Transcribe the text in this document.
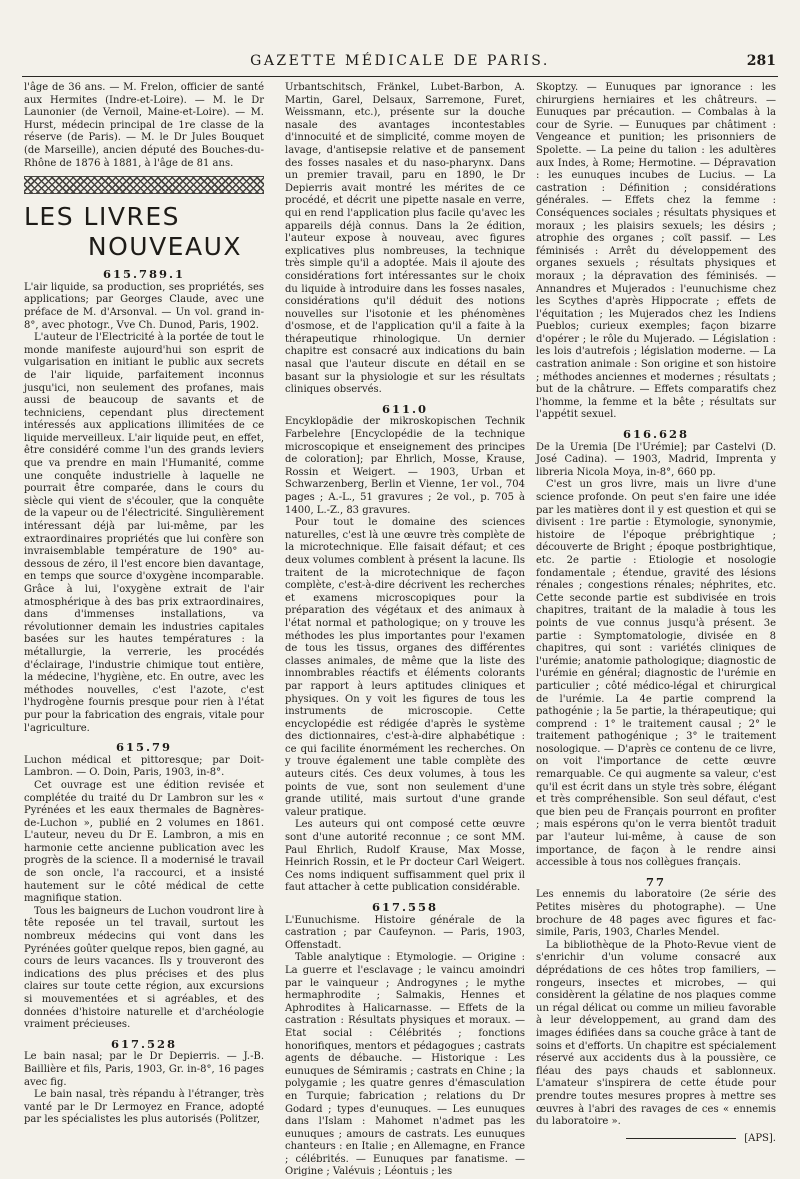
GAZETTE MÉDICALE DE PARIS.	281

l'âge de 36 ans. — M. Frelon, officier de santé aux Hermites (Indre-et-Loire). — M. le Dr Launonier (de Vernoil, Maine-et-Loire). — M. Hurst, médecin principal de 1re classe de la réserve (de Paris). — M. le Dr Jules Bouquet (de Marseille), ancien député des Bouches-du-Rhône de 1876 à 1881, à l'âge de 81 ans.

LES LIVRES
NOUVEAUX
615.789.1

L'air liquide, sa production, ses propriétés, ses applications; par Georges Claude, avec une préface de M. d'Arsonval. — Un vol. grand in-8°, avec photogr., Vve Ch. Dunod, Paris, 1902.

L'auteur de l'Electricité à la portée de tout le monde manifeste aujourd'hui son esprit de vulgarisation en initiant le public aux secrets de l'air liquide, parfaitement inconnus jusqu'ici, non seulement des profanes, mais aussi de beaucoup de savants et de techniciens, cependant plus directement intéressés aux applications illimitées de ce liquide merveilleux. L'air liquide peut, en effet, être considéré comme l'un des grands leviers que va prendre en main l'Humanité, comme une conquête industrielle à laquelle ne pourrait être comparée, dans le cours du siècle qui vient de s'écouler, que la conquête de la vapeur ou de l'électricité. Singulièrement intéressant déjà par lui-même, par les extraordinaires propriétés que lui confère son invraisemblable température de 190° au-dessous de zéro, il l'est encore bien davantage, en temps que source d'oxygène incomparable. Grâce à lui, l'oxygène extrait de l'air atmosphérique à des bas prix extraordinaires, dans d'immenses installations, va révolutionner demain les industries capitales basées sur les hautes températures : la métallurgie, la verrerie, les procédés d'éclairage, l'industrie chimique tout entière, la médecine, l'hygiène, etc. En outre, avec les méthodes nouvelles, c'est l'azote, c'est l'hydrogène fournis presque pour rien à l'état pur pour la fabrication des engrais, vitale pour l'agriculture.

615.79

Luchon médical et pittoresque; par Doit-Lambron. — O. Doin, Paris, 1903, in-8°.

Cet ouvrage est une édition revisée et complétée du traité du Dr Lambron sur les « Pyrénées et les eaux thermales de Bagnères-de-Luchon », publié en 2 volumes en 1861. L'auteur, neveu du Dr E. Lambron, a mis en harmonie cette ancienne publication avec les progrès de la science. Il a modernisé le travail de son oncle, l'a raccourci, et a insisté hautement sur le côté médical de cette magnifique station.

Tous les baigneurs de Luchon voudront lire à tête reposée un tel travail, surtout les nombreux médecins qui vont dans les Pyrénées goûter quelque repos, bien gagné, au cours de leurs vacances. Ils y trouveront des indications des plus précises et des plus claires sur toute cette région, aux excursions si mouvementées et si agréables, et des données d'histoire naturelle et d'archéologie vraiment précieuses.

617.528

Le bain nasal; par le Dr Depierris. — J.-B. Baillière et fils, Paris, 1903, Gr. in-8°, 16 pages avec fig.

Le bain nasal, très répandu à l'étranger, très vanté par le Dr Lermoyez en France, adopté par les spécialistes les plus autorisés (Politzer,

Urbantschitsch, Fränkel, Lubet-Barbon, A. Martin, Garel, Delsaux, Sarremone, Furet, Weissmann, etc.), présente sur la douche nasale des avantages incontestables d'innocuité et de simplicité, comme moyen de lavage, d'antisepsie relative et de pansement des fosses nasales et du naso-pharynx. Dans un premier travail, paru en 1890, le Dr Depierris avait montré les mérites de ce procédé, et décrit une pipette nasale en verre, qui en rend l'application plus facile qu'avec les appareils déjà connus. Dans la 2e édition, l'auteur expose à nouveau, avec figures explicatives plus nombreuses, la technique très simple qu'il a adoptée. Mais il ajoute des considérations fort intéressantes sur le choix du liquide à introduire dans les fosses nasales, considérations qu'il déduit des notions nouvelles sur l'isotonie et les phénomènes d'osmose, et de l'application qu'il a faite à la thérapeutique rhinologique. Un dernier chapitre est consacré aux indications du bain nasal que l'auteur discute en détail en se basant sur la physiologie et sur les résultats cliniques observés.

611.0

Encyklopädie der mikroskopischen Technik Farbelehre [Encyclopédie de la technique microscopique et enseignement des principes de coloration]; par Ehrlich, Mosse, Krause, Rossin et Weigert. — 1903, Urban et Schwarzenberg, Berlin et Vienne, 1er vol., 704 pages ; A.-L., 51 gravures ; 2e vol., p. 705 à 1400, L.-Z., 83 gravures.

Pour tout le domaine des sciences naturelles, c'est là une œuvre très complète de la microtechnique. Elle faisait défaut; et ces deux volumes comblent à présent la lacune. Ils traitent de la microtechnique de façon complète, c'est-à-dire décrivent les recherches et examens microscopiques pour la préparation des végétaux et des animaux à l'état normal et pathologique; on y trouve les méthodes les plus importantes pour l'examen de tous les tissus, organes des différentes classes animales, de même que la liste des innombrables réactifs et éléments colorants par rapport à leurs aptitudes cliniques et physiques. On y voit les figures de tous les instruments de microscopie. Cette encyclopédie est rédigée d'après le système des dictionnaires, c'est-à-dire alphabétique : ce qui facilite énormément les recherches. On y trouve également une table complète des auteurs cités. Ces deux volumes, à tous les points de vue, sont non seulement d'une grande utilité, mais surtout d'une grande valeur pratique.

Les auteurs qui ont composé cette œuvre sont d'une autorité reconnue ; ce sont MM. Paul Ehrlich, Rudolf Krause, Max Mosse, Heinrich Rossin, et le Pr docteur Carl Weigert. Ces noms indiquent suffisamment quel prix il faut attacher à cette publication considérable.

617.558

L'Eunuchisme. Histoire générale de la castration ; par Caufeynon. — Paris, 1903, Offenstadt.

Table analytique : Etymologie. — Origine : La guerre et l'esclavage ; le vaincu amoindri par le vainqueur ; Androgynes ; le mythe hermaphrodite ; Salmakis, Hennes et Aphrodites à Halicarnasse. — Effets de la castration : Résultats physiques et moraux. — Etat social : Célébrités ; fonctions honorifiques, mentors et pédagogues ; castrats agents de débauche. — Historique : Les eunuques de Sémiramis ; castrats en Chine ; la polygamie ; les quatre genres d'émasculation en Turquie; fabrication ; relations du Dr Godard ; types d'eunuques. — Les eunuques dans l'Islam : Mahomet n'admet pas les eunuques ; amours de castrats. Les eunuques chanteurs : en Italie ; en Allemagne, en France ; célébrités. — Eunuques par fanatisme. — Origine ; Valévuis ; Léontuis ; les

Skoptzy. — Eunuques par ignorance : les chirurgiens herniaires et les châtreurs. — Eunuques par précaution. — Combalas à la cour de Syrie. — Eunuques par châtiment : Vengeance et punition; les prisonniers de Spolette. — La peine du talion : les adultères aux Indes, à Rome; Hermotine. — Dépravation : les eunuques incubes de Lucius. — La castration : Définition ; considérations générales. — Effets chez la femme : Conséquences sociales ; résultats physiques et moraux ; les plaisirs sexuels; les désirs ; atrophie des organes ; coït passif. — Les féminisés : Arrêt du développement des organes sexuels ; résultats physiques et moraux ; la dépravation des féminisés. — Annandres et Mujerados : l'eunuchisme chez les Scythes d'après Hippocrate ; effets de l'équitation ; les Mujerados chez les Indiens Pueblos; curieux exemples; façon bizarre d'opérer ; le rôle du Mujerado. — Législation : les lois d'autrefois ; législation moderne. — La castration animale : Son origine et son histoire ; méthodes anciennes et modernes ; résultats ; but de la châtrure. — Effets comparatifs chez l'homme, la femme et la bête ; résultats sur l'appétit sexuel.

616.628

De la Uremia [De l'Urémie]; par Castelvi (D. José Cadina). — 1903, Madrid, Imprenta y libreria Nicola Moya, in-8°, 660 pp.

C'est un gros livre, mais un livre d'une science profonde. On peut s'en faire une idée par les matières dont il y est question et qui se divisent : 1re partie : Etymologie, synonymie, histoire de l'époque prébrightique ; découverte de Bright ; époque postbrightique, etc. 2e partie : Etiologie et nosologie fondamentale ; étendue, gravité des lésions rénales ; congestions rénales; néphrites, etc. Cette seconde partie est subdivisée en trois chapitres, traitant de la maladie à tous les points de vue connus jusqu'à présent. 3e partie : Symptomatologie, divisée en 8 chapitres, qui sont : variétés cliniques de l'urémie; anatomie pathologique; diagnostic de l'urémie en général; diagnostic de l'urémie en particulier ; côté médico-légal et chirurgical de l'urémie. La 4e partie comprend la pathogénie ; la 5e partie, la thérapeutique; qui comprend : 1° le traitement causal ; 2° le traitement pathogénique ; 3° le traitement nosologique. — D'après ce contenu de ce livre, on voit l'importance de cette œuvre remarquable. Ce qui augmente sa valeur, c'est qu'il est écrit dans un style très sobre, élégant et très compréhensible. Son seul défaut, c'est que bien peu de Français pourront en profiter ; mais espérons qu'on le verra bientôt traduit par l'auteur lui-même, à cause de son importance, de façon à le rendre ainsi accessible à tous nos collègues français.

77

Les ennemis du laboratoire (2e série des Petites misères du photographe). — Une brochure de 48 pages avec figures et fac-simile, Paris, 1903, Charles Mendel.

La bibliothèque de la Photo-Revue vient de s'enrichir d'un volume consacré aux déprédations de ces hôtes trop familiers, — rongeurs, insectes et microbes, — qui considèrent la gélatine de nos plaques comme un régal délicat ou comme un milieu favorable à leur développement, au grand dam des images édifiées dans sa couche grâce à tant de soins et d'efforts. Un chapitre est spécialement réservé aux accidents dus à la poussière, ce fléau des pays chauds et sablonneux. L'amateur s'inspirera de cette étude pour prendre toutes mesures propres à mettre ses œuvres à l'abri des ravages de ces « ennemis du laboratoire ».

[APS].
